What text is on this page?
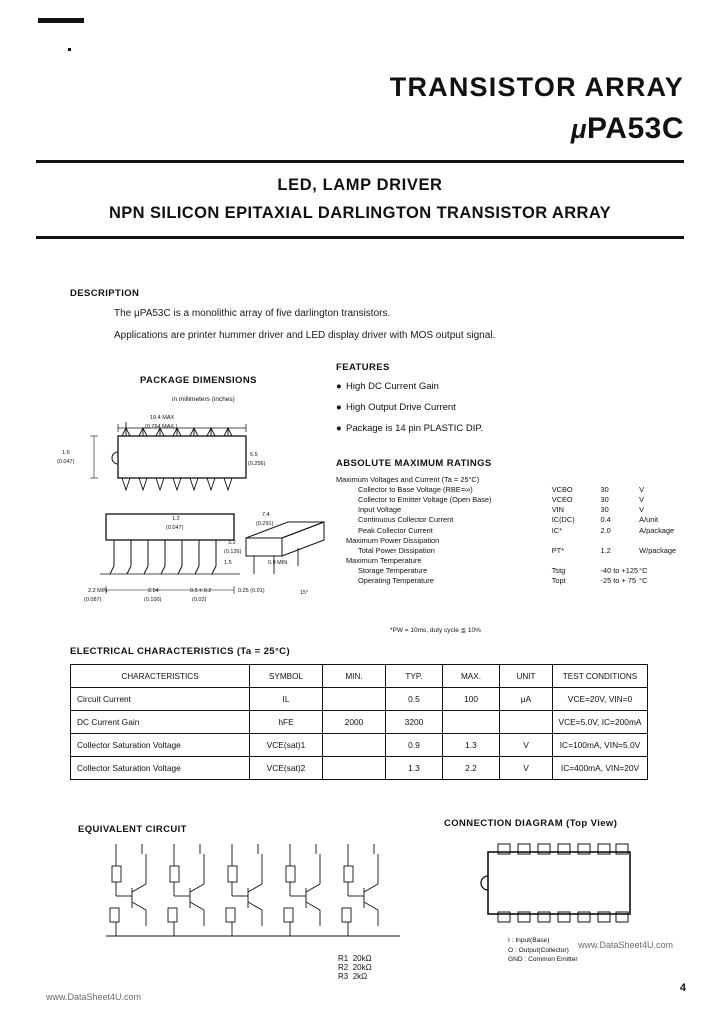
TRANSISTOR ARRAY
μPA53C
LED, LAMP DRIVER
NPN SILICON EPITAXIAL DARLINGTON TRANSISTOR ARRAY
DESCRIPTION
The μPA53C is a monolithic array of five darlington transistors.
Applications are printer hummer driver and LED display driver with MOS output signal.
PACKAGE DIMENSIONS
in millimeters (inches)
19.4 MAX
(0.764 MAX.)
1.5
(0.047)
6.5
(0.256)
1.2
(0.047)
7.4
(0.291)
3.2
(0.126)
2.54
(0.100)
0.5 ± 0.2
(0.02)
2.2 MIN.
(0.087)
0.25 (0.01)
1.5	0.9 MIN.
15°
FEATURES
● High DC Current Gain
● High Output Drive Current
● Package is 14 pin PLASTIC DIP.
ABSOLUTE MAXIMUM RATINGS
Maximum Voltages and Current (Ta = 25°C)			
Collector to Base Voltage (RBE=∞)	VCBO	30	V
Collector to Emitter Voltage (Open Base)	VCEO	30	V
Input Voltage	VIN	30	V
Continuous Collector Current	IC(DC)	0.4	A/unit
Peak Collector Current	IC*	2.0	A/package
Maximum Power Dissipation			
Total Power Dissipation	PT*	1.2	W/package
Maximum Temperature			
Storage Temperature	Tstg	-40 to +125	°C
Operating Temperature	Topt	-25 to + 75	°C
*PW = 10ms, duty cycle ≦ 10%
ELECTRICAL CHARACTERISTICS (Ta = 25°C)
CHARACTERISTICS	SYMBOL	MIN.	TYP.	MAX.	UNIT	TEST CONDITIONS
Circuit Current	IL		0.5	100	μA	VCE=20V, VIN=0
DC Current Gain	hFE	2000	3200			VCE=5.0V, IC=200mA
Collector Saturation Voltage	VCE(sat)1		0.9	1.3	V	IC=100mA, VIN=5.0V
Collector Saturation Voltage	VCE(sat)2		1.3	2.2	V	IC=400mA, VIN=20V
EQUIVALENT CIRCUIT
R1 20kΩ
R2 20kΩ
R3 2kΩ
CONNECTION DIAGRAM (Top View)
I : Input(Base)
O : Output(Collector)
GND : Common Emitter
www.DataSheet4U.com
www.DataSheet4U.com
4
